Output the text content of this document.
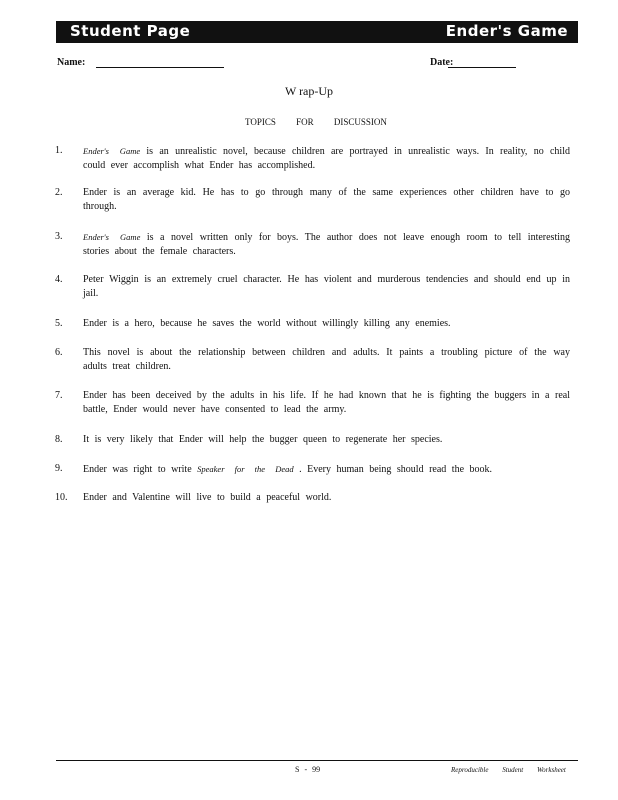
Student Page	Ender's Game
Name:	Date:
W rap-Up
TOPICS FOR DISCUSSION
1. Ender's Game is an unrealistic novel, because children are portrayed in unrealistic ways. In reality, no child could ever accomplish what Ender has accomplished.
2. Ender is an average kid. He has to go through many of the same experiences other children have to go through.
3. Ender's Game is a novel written only for boys. The author does not leave enough room to tell interesting stories about the female characters.
4. Peter Wiggin is an extremely cruel character. He has violent and murderous tendencies and should end up in jail.
5. Ender is a hero, because he saves the world without willingly killing any enemies.
6. This novel is about the relationship between children and adults. It paints a troubling picture of the way adults treat children.
7. Ender has been deceived by the adults in his life. If he had known that he is fighting the buggers in a real battle, Ender would never have consented to lead the army.
8. It is very likely that Ender will help the bugger queen to regenerate her species.
9. Ender was right to write Speaker for the Dead . Every human being should read the book.
10. Ender and Valentine will live to build a peaceful world.
S - 99	Reproducible Student Worksheet
